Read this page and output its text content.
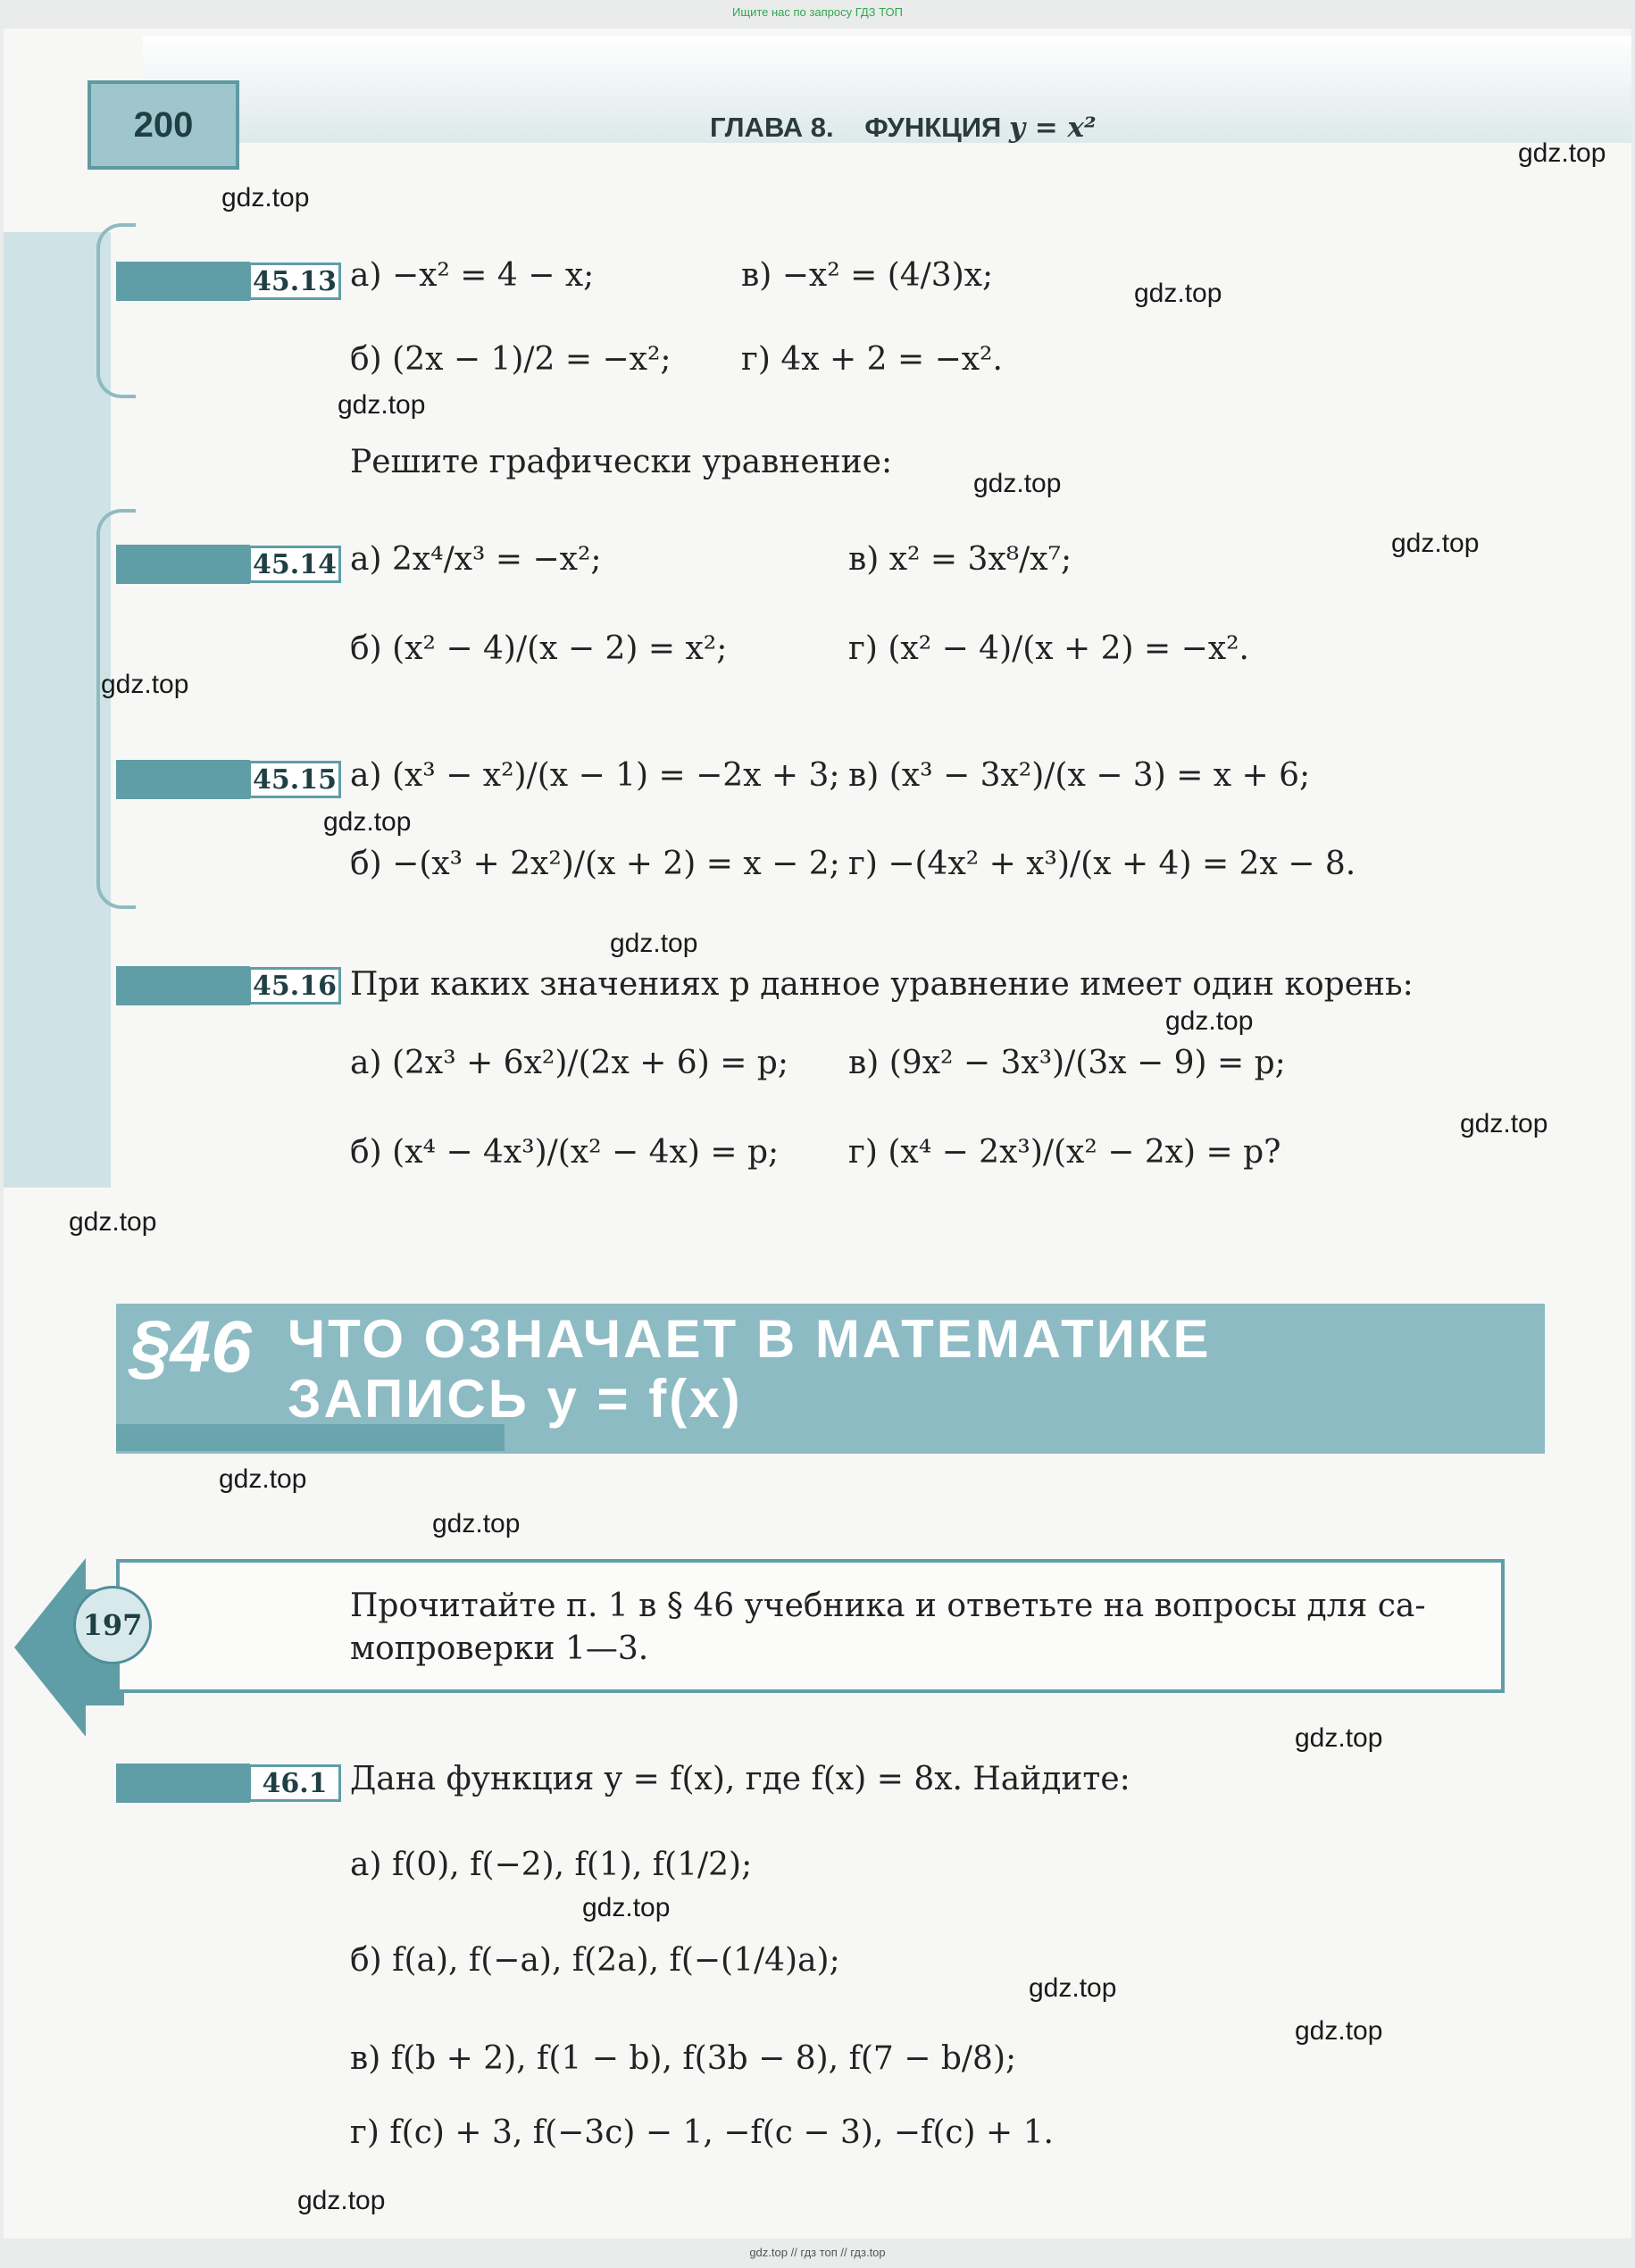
Ищите нас по запросу ГДЗ ТОП
200	ГЛАВА 8. ФУНКЦИЯ y = x²
gdz.top
gdz.top
gdz.top
gdz.top
gdz.top
gdz.top
gdz.top
gdz.top
gdz.top
gdz.top
gdz.top
gdz.top
gdz.top
gdz.top
gdz.top
gdz.top
gdz.top
gdz.top
gdz.top
45.13 а) −x² = 4 − x;	в) −x² = (4/3)x;
б) (2x − 1)/2 = −x²; г) 4x + 2 = −x².
Решите графически уравнение:
45.14 а) 2x⁴/x³ = −x²;	в) x² = 3x⁸/x⁷;
б) (x² − 4)/(x − 2) = x²;	г) (x² − 4)/(x + 2) = −x².
45.15 а) (x³ − x²)/(x − 1) = −2x + 3; в) (x³ − 3x²)/(x − 3) = x + 6;
б) −(x³ + 2x²)/(x + 2) = x − 2; г) −(4x² + x³)/(x + 4) = 2x − 8.
45.16 При каких значениях p данное уравнение имеет один корень:
а) (2x³ + 6x²)/(2x + 6) = p; в) (9x² − 3x³)/(3x − 9) = p;
б) (x⁴ − 4x³)/(x² − 4x) = p; г) (x⁴ − 2x³)/(x² − 2x) = p?
§46 ЧТО ОЗНАЧАЕТ В МАТЕМАТИКЕ
ЗАПИСЬ y = f(x)
197
Прочитайте п. 1 в § 46 учебника и ответьте на вопросы для са-
мопроверки 1—3.
46.1 Дана функция y = f(x), где f(x) = 8x. Найдите:
а) f(0), f(−2), f(1), f(1/2);
б) f(a), f(−a), f(2a), f(−(1/4)a);
в) f(b + 2), f(1 − b), f(3b − 8), f(7 − b/8);
г) f(c) + 3, f(−3c) − 1, −f(c − 3), −f(c) + 1.
gdz.top // гдз топ // гдз.top
